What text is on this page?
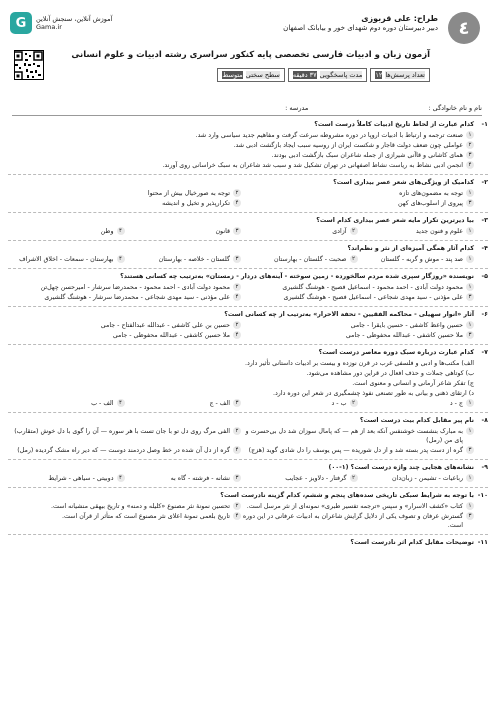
٤
طراح: علی قربوزی
دبیر دبیرستان دوره دوم شهدای خور و بیابانک اصفهان
G	آموزش آنلاین، سنجش آنلاین
Gama.ir
آزمون زبان و ادبیات فارسی تخصصی پایه کنکور سراسری رشته ادبیات و علوم انسانی
تعداد پرسش‌ها
۱۲
مدت پاسخگویی
۳۷ دقیقه
سطح سختی
متوسط
نام و نام خانوادگی :
مدرسه :
۱-
کدام عبارت از لحاظ تاریخ ادبیات کاملاً درست است؟
۱
صنعت ترجمه و ارتباط با ادبیات اروپا در دوره مشروطه سرعت گرفت و مفاهیم جدید سیاسی وارد شد.
۲
عواملی چون ضعف دولت قاجار و شکست ایران از روسیه سبب ایجاد بازگشت ادبی شد.
۳
همای کاشانی و قاآنی شیرازی از جمله شاعران سبک بازگشت ادبی بودند.
۴
انجمن ادبی نشاط به ریاست نشاط اصفهانی در تهران تشکیل شد و سبب شد شاعران به سبک خراسانی روی آورند.
۲-
کدامیک از ویژگی‌های شعر عصر بیداری است؟
۱
توجه به مضمون‌های تازه
۲
توجه به صورخیال بیش از محتوا
۳
پیروی از اسلوب‌های کهن
۴
تکرارپذیر و تخیل و اندیشه
۳-
بیا دیرترین تکرار مایه شعر عصر بیداری کدام است؟
۱
علوم و فنون جدید
۲
آزادی
۳
قانون
۴
وطن
۴-
کدام آثار همگی آمیزه‌ای از نثر و نظم‌اند؟
۱
صد پند - موش و گربه - گلستان
۲
صحبت - گلستان - بهارستان
۳
گلستان - خلاصه - بهارستان
۴
بهارستان - سمعات - اخلاق الاشراف
۵-
نویسنده «روزگار سپری شده مردم سالخورده - زمین سوخته - آینه‌های دردار - زمستان» به‌ترتیب چه کسانی هستند؟
۱
محمود دولت آبادی - احمد محمود - اسماعیل فصیح - هوشنگ گلشیری
۲
محمود دولت آبادی - احمد محمود - محمدرضا سرشار - امیرحسن چهل‌تن
۳
علی مؤذنی - سید مهدی شجاعی - اسماعیل فصیح - هوشنگ گلشیری
۴
علی مؤذنی - سید مهدی شجاعی - محمدرضا سرشار - هوشنگ گلشیری
۶-
آثار «انوار سهیلی - محاکمه الفقیین - تحفة الاحرار» به‌ترتیب از چه کسانی است؟
۱
حسین واعظ کاشفی - حسین بایقرا - جامی
۲
حسین بن علی کاشفی - عبدالله عبدالفتاح - جامی
۳
ملا حسین کاشفی - عبدالله محفوظی - جامی
۴
ملا حسین کاشفی - عبدالله محفوظی - جامی
۷-
کدام عبارت درباره سبک دوره معاصر درست است؟
الف) مکتب‌ها و ادبی و فلسفی غرب در قرن نوزده و بیست بر ادبیات داستانی تأثیر دارد.
ب) کوتاهی جملات و حذف افعال در قراین دور مشاهده می‌شود.
ج) تفکر شاعر آرمانی و انسانی و معنوی است.
د) ارتقای ذهنی و بیانی به طور تصنعی نفوذ چشمگیری در شعر این دوره دارد.
۱
ج - د
۲
ب - د
۳
الف - ج
۴
الف - ب
۸-
نام پیر مقابل کدام بیت درست است؟
۱
به مبارک بنشست خوشنفس آنکه بعد از هم — که پامال سوزان شد دل بی‌حسرت و پای من (رمل)
۲
الفی مرگ روی دل تو با جان تست با هر سوره — آن را گوی با دل خوش (متقارب)
۳
گره از دست پدر بسته شد و از دل شوریده — پس یوسف را دل شادی گوید (هزج)
۴
گره از دل آن شده در خط وصل دردمند دوست — که دیر راه مشک گردیده (رمل)
۹-
نشانه‌های هجایی چند واژه درست است؟ (۱-۰۰)
۱
رباعیات - تشیمن - زبان‌دان
۲
گرفتار - دلاویز - عجایب
۳
نشانه - فرشته - گاه به
۴
دوبیتی - سیاهی - شرایط
۱۰-
با توجه به شرایط سبکی تاریخی سده‌های پنجم و ششم، کدام گزینه نادرست است؟
۱
کتاب «کشف الاسرار» و سپس «ترجمه تفسیر طبری» نمونه‌ای از نثر مرسل است.
۲
تحسین نمونۀ نثر مصنوع «کلیله و دمنه» و تاریخ بیهقی منشیانه است.
۳
گسترش عرفان و تصوف یکی از دلایل گرایش شاعران به ادبیات عرفانی در این دوره است.
۴
تاریخ بلعمی نمونۀ اعلای نثر مصنوع است که متأثر از قرآن است.
۱۱-
توضیحات مقابل کدام اثر نادرست است؟
